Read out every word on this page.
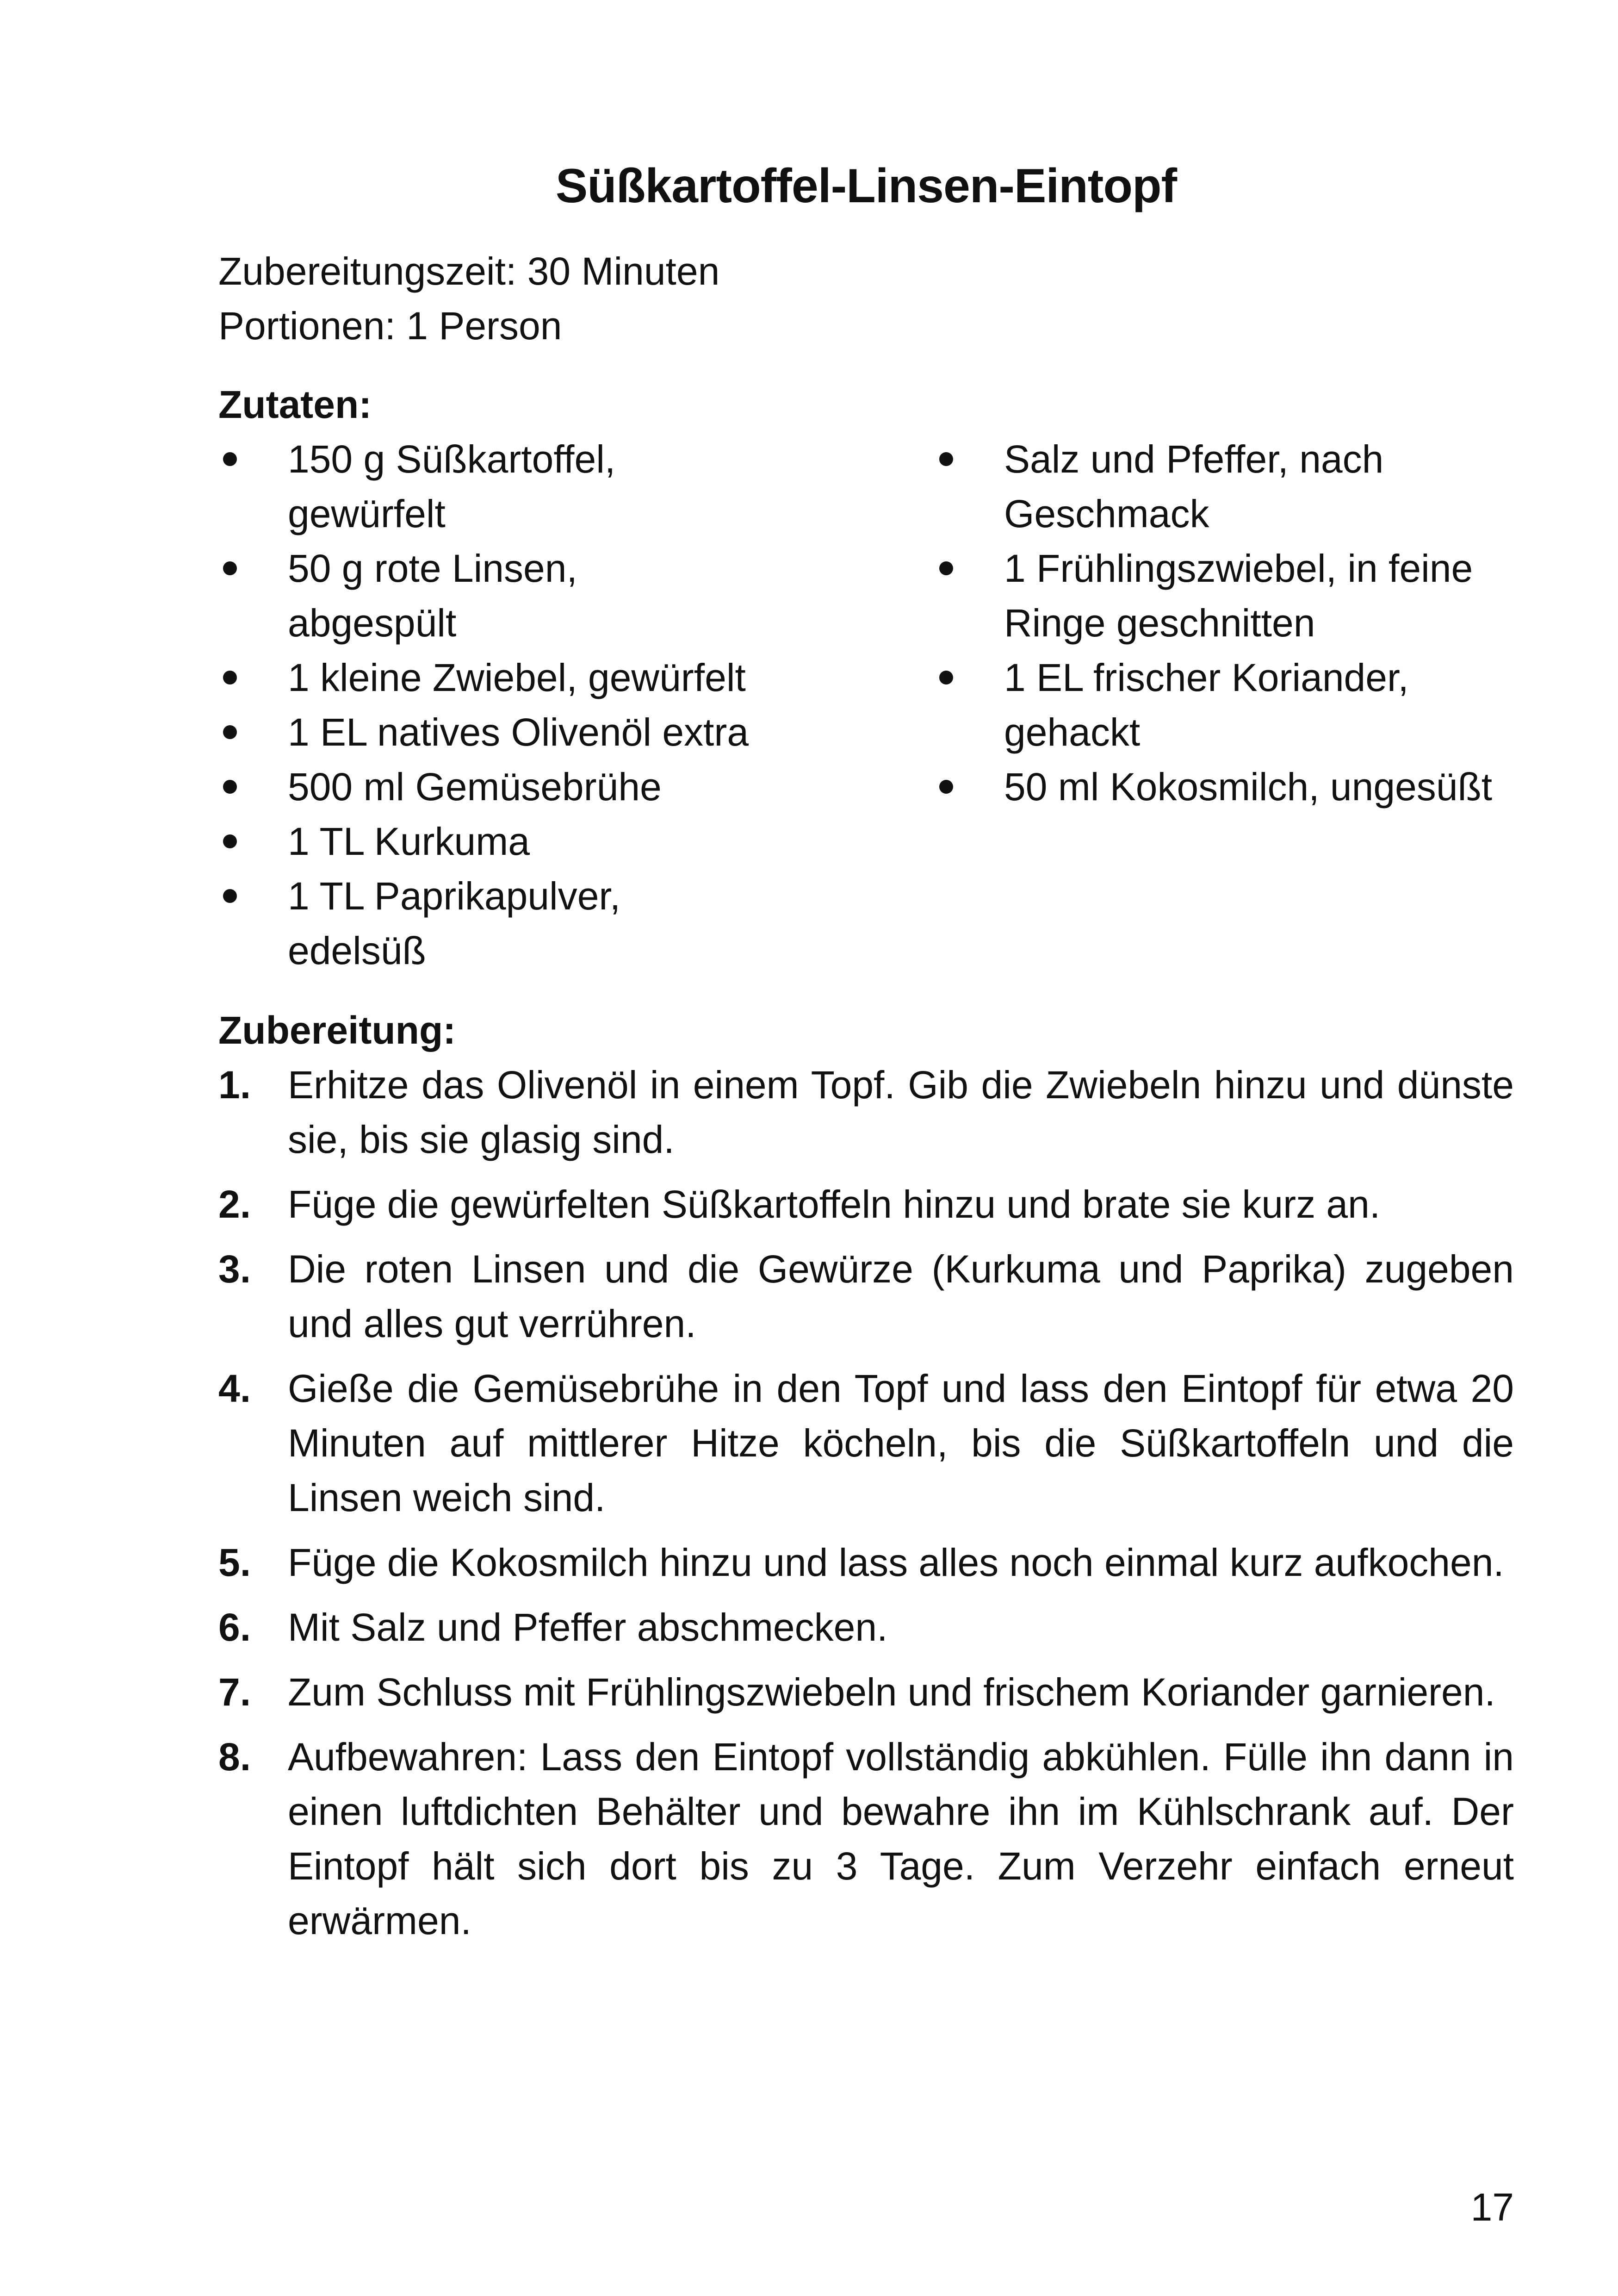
Süßkartoffel-Linsen-Eintopf
Zubereitungszeit: 30 Minuten
Portionen: 1 Person
Zutaten:
150 g Süßkartoffel, gewürfelt
50 g rote Linsen, abgespült
1 kleine Zwiebel, gewürfelt
1 EL natives Olivenöl extra
500 ml Gemüsebrühe
1 TL Kurkuma
1 TL Paprikapulver, edelsüß
Salz und Pfeffer, nach Geschmack
1 Frühlingszwiebel, in feine Ringe geschnitten
1 EL frischer Koriander, gehackt
50 ml Kokosmilch, ungesüßt
Zubereitung:
1. Erhitze das Olivenöl in einem Topf. Gib die Zwiebeln hinzu und dünste sie, bis sie glasig sind.
2. Füge die gewürfelten Süßkartoffeln hinzu und brate sie kurz an.
3. Die roten Linsen und die Gewürze (Kurkuma und Paprika) zugeben und alles gut verrühren.
4. Gieße die Gemüsebrühe in den Topf und lass den Eintopf für etwa 20 Minuten auf mittlerer Hitze köcheln, bis die Süßkartoffeln und die Linsen weich sind.
5. Füge die Kokosmilch hinzu und lass alles noch einmal kurz aufkochen.
6. Mit Salz und Pfeffer abschmecken.
7. Zum Schluss mit Frühlingszwiebeln und frischem Koriander garnieren.
8. Aufbewahren: Lass den Eintopf vollständig abkühlen. Fülle ihn dann in einen luftdichten Behälter und bewahre ihn im Kühlschrank auf. Der Eintopf hält sich dort bis zu 3 Tage. Zum Verzehr einfach erneut erwärmen.
17
